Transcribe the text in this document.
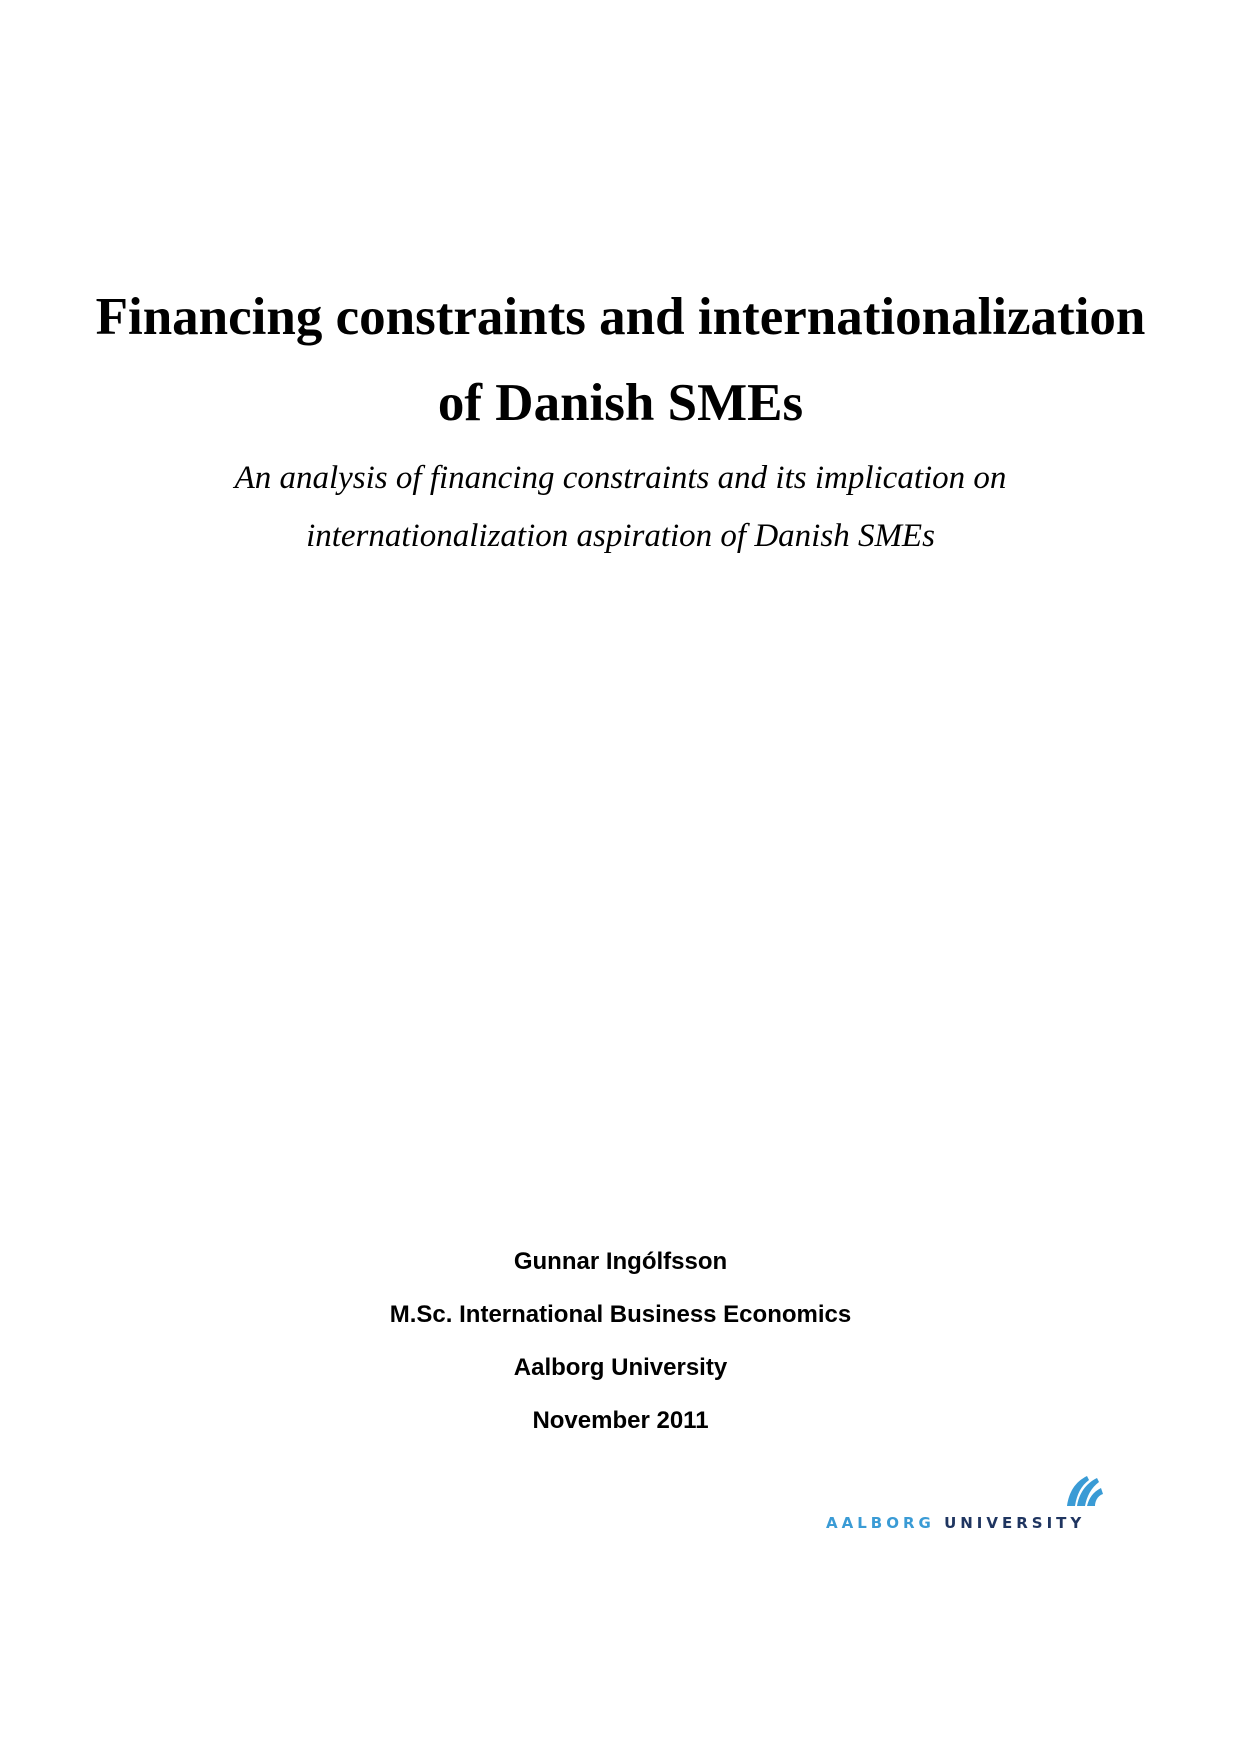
Financing constraints and internationalization
of Danish SMEs
An analysis of financing constraints and its implication on
internationalization aspiration of Danish SMEs
Gunnar Ingólfsson
M.Sc. International Business Economics
Aalborg University
November 2011
AALBORG UNIVERSITY
